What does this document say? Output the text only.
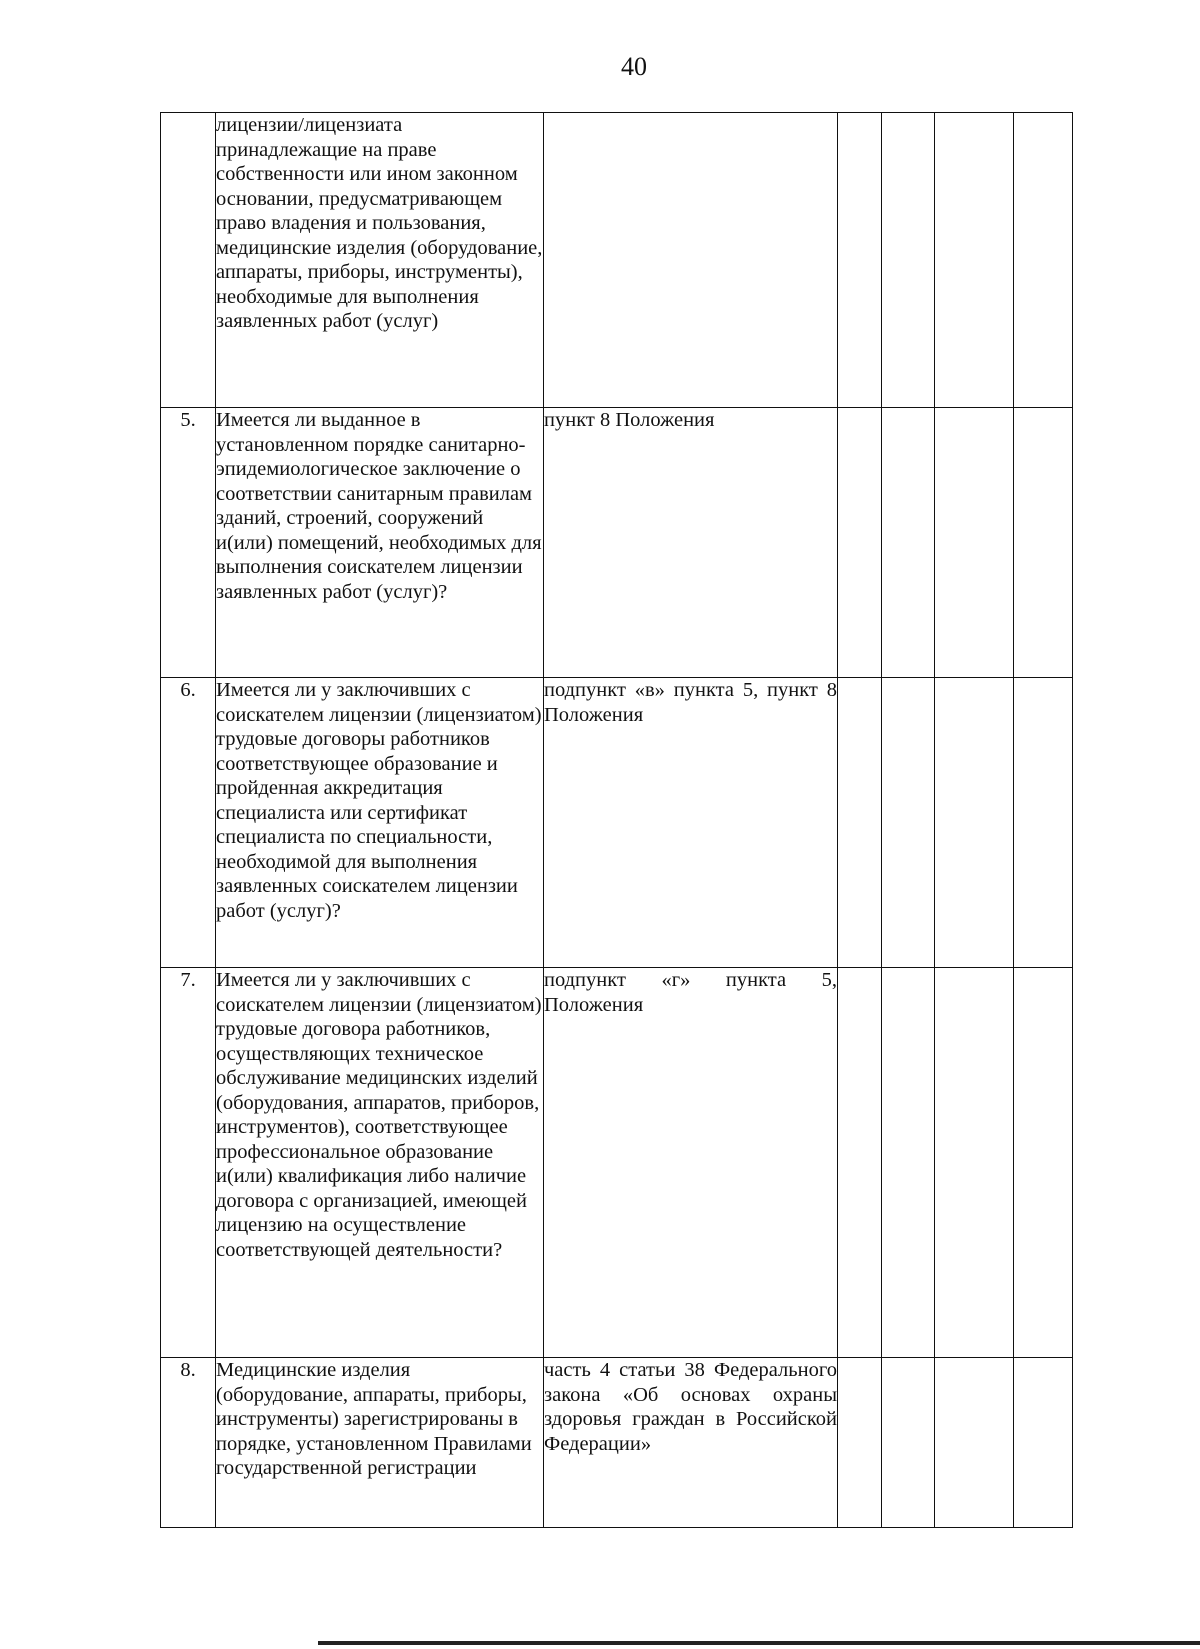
40
	лицензии/лицензиата принадлежащие на праве собственности или ином законном основании, предусматривающем право владения и пользования, медицинские изделия (оборудование, аппараты, приборы, инструменты), необходимые для выполнения заявленных работ (услуг)					
5.	Имеется ли выданное в установленном порядке санитарно-эпидемиологическое заключение о соответствии санитарным правилам зданий, строений, сооружений и(или) помещений, необходимых для выполнения соискателем лицензии заявленных работ (услуг)?	пункт 8 Положения				
6.	Имеется ли у заключивших с соискателем лицензии (лицензиатом) трудовые договоры работников соответствующее образование и пройденная аккредитация специалиста или сертификат специалиста по специальности, необходимой для выполнения заявленных соискателем лицензии работ (услуг)?	подпункт «в» пункта 5, пункт 8 Положения				
7.	Имеется ли у заключивших с соискателем лицензии (лицензиатом) трудовые договора работников, осуществляющих техническое обслуживание медицинских изделий (оборудования, аппаратов, приборов, инструментов), соответствующее профессиональное образование и(или) квалификация либо наличие договора с организацией, имеющей лицензию на осуществление соответствующей деятельности?	подпункт «г» пункта 5, Положения				
8.	Медицинские изделия (оборудование, аппараты, приборы, инструменты) зарегистрированы в порядке, установленном Правилами государственной регистрации	часть 4 статьи 38 Федерального закона «Об основах охраны здоровья граждан в Российской Федерации»				
